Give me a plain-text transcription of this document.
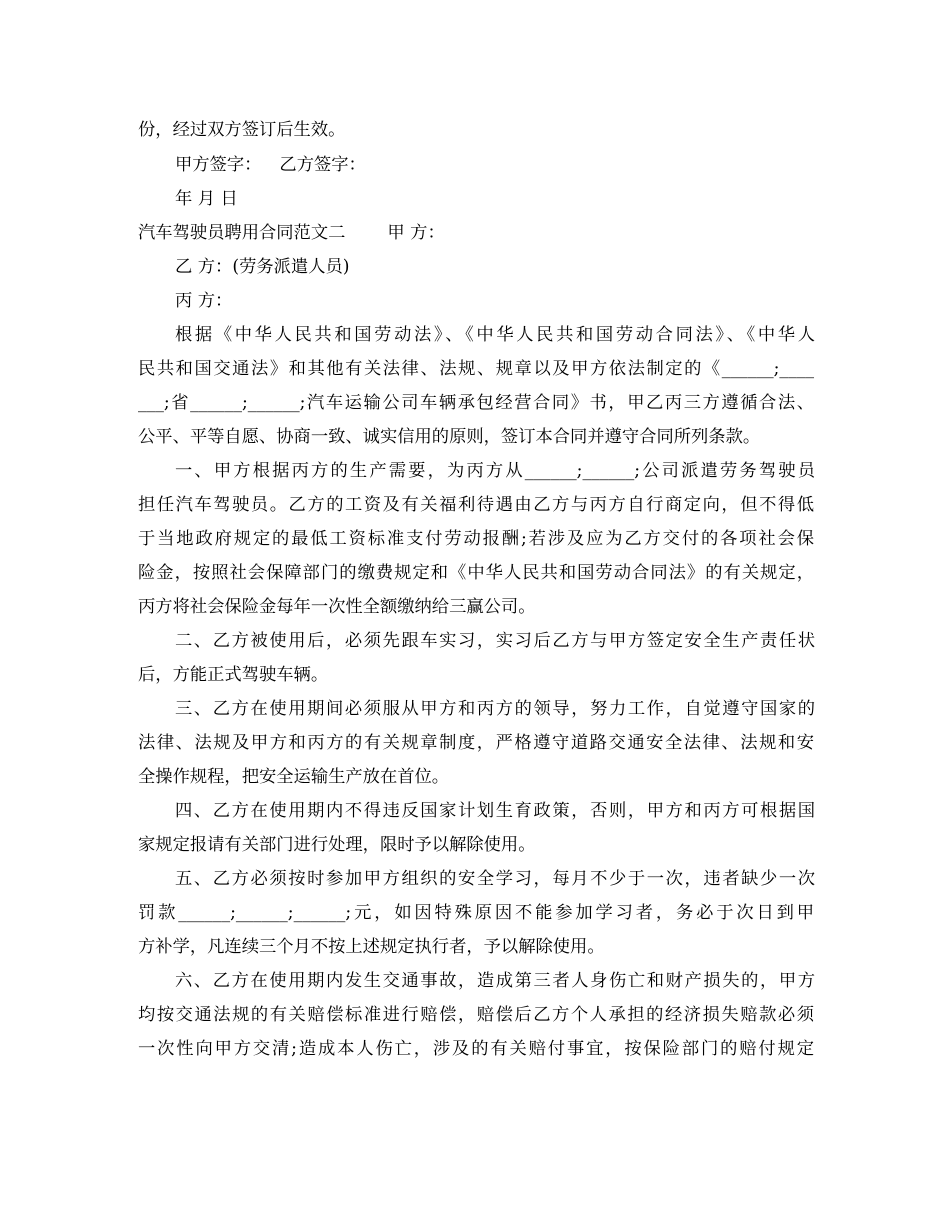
份，经过双方签订后生效。
甲方签字： 乙方签字：
年 月 日
汽车驾驶员聘用合同范文二 甲 方：
乙 方：(劳务派遣人员)
丙 方：
根据《中华人民共和国劳动法》、《中华人民共和国劳动合同法》、《中华人
民共和国交通法》和其他有关法律、法规、规章以及甲方依法制定的《______;____
___;省______;______;汽车运输公司车辆承包经营合同》书，甲乙丙三方遵循合法、
公平、平等自愿、协商一致、诚实信用的原则，签订本合同并遵守合同所列条款。
一、甲方根据丙方的生产需要，为丙方从______;______;公司派遣劳务驾驶员
担任汽车驾驶员。乙方的工资及有关福利待遇由乙方与丙方自行商定向，但不得低
于当地政府规定的最低工资标准支付劳动报酬;若涉及应为乙方交付的各项社会保
险金，按照社会保障部门的缴费规定和《中华人民共和国劳动合同法》的有关规定，
丙方将社会保险金每年一次性全额缴纳给三赢公司。
二、乙方被使用后，必须先跟车实习，实习后乙方与甲方签定安全生产责任状
后，方能正式驾驶车辆。
三、乙方在使用期间必须服从甲方和丙方的领导，努力工作，自觉遵守国家的
法律、法规及甲方和丙方的有关规章制度，严格遵守道路交通安全法律、法规和安
全操作规程，把安全运输生产放在首位。
四、乙方在使用期内不得违反国家计划生育政策，否则，甲方和丙方可根据国
家规定报请有关部门进行处理，限时予以解除使用。
五、乙方必须按时参加甲方组织的安全学习，每月不少于一次，违者缺少一次
罚款______;______;______;元，如因特殊原因不能参加学习者，务必于次日到甲
方补学，凡连续三个月不按上述规定执行者，予以解除使用。
六、乙方在使用期内发生交通事故，造成第三者人身伤亡和财产损失的，甲方
均按交通法规的有关赔偿标准进行赔偿，赔偿后乙方个人承担的经济损失赔款必须
一次性向甲方交清;造成本人伤亡，涉及的有关赔付事宜，按保险部门的赔付规定
